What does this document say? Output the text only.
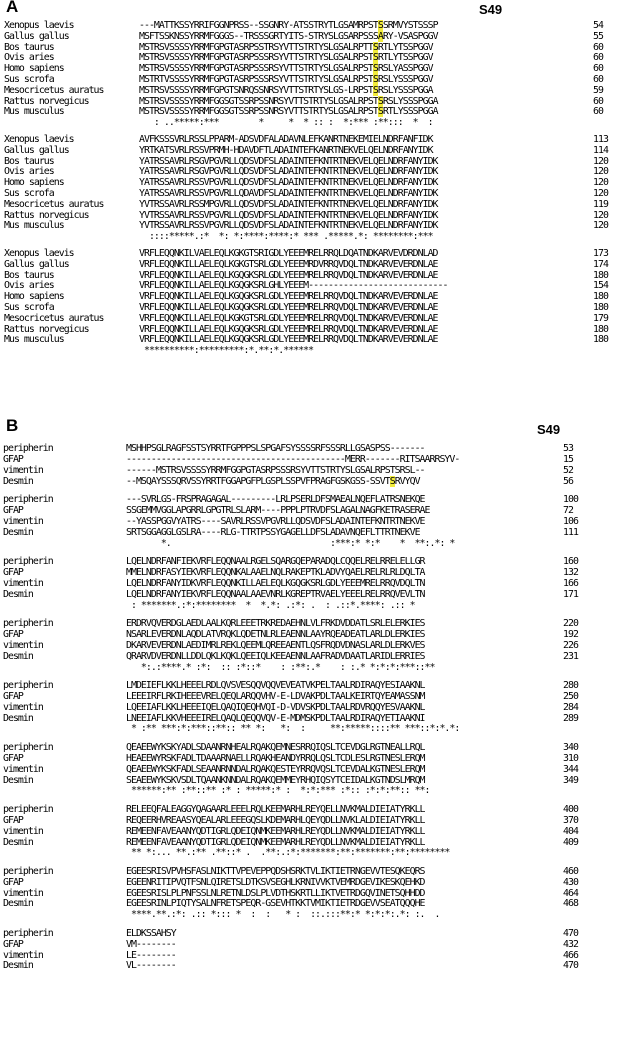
A	S49
Xenopus laevis	---MATTKSSYRRIFGGNPRSS--SSGNRY-ATSSTRYTLGSAMRPSTSSRMVYSTSSSP	54
Gallus gallus	MSFTSSKNSSYRRMFGGGS--TRSSSGRTYITS-STRYSLGSARPSSSARY-VSASPGGV	55
Bos taurus	MSTRSVSSSSYRRMFGPGTASRPSSTRSYVTTSTRTYSLGSALRPTTSRTLYTSSPGGV	60
Ovis aries	MSTRSVSSSSYRRMFGPGTASRPSSSRSYVTTSTRTYSLGSALRPSTSRTLYTSSPGGV	60
Homo sapiens	MSTRSVSSSSYRRMFGPGTASRPSSSRSYVTTSTRTYSLGSALRPSTSRSLYASSPGGV	60
Sus scrofa	MSTRTVSSSSYRRMFGPGTASRPSSSRSYVTTSTRTYSLGSALRPSTSRSLYSSSPGGV	60
Mesocricetus auratus	MSTRSVSSSSYRRMFGPGTSNRQSSNRSYVTTSTRTYSLGS-LRPSTSRSLYSSSPGGA	59
Rattus norvegicus	MSTRSVSSSSYRRMFGGSGTSSRPSSNRSYVTTSTRTYSLGSALRPSTSRSLYSSSPGGA	60
Mus musculus	MSTRSVSSSSYRRMFGGSGTSSRPSSNRSYVTTSTRTYSLGSALRPSTSRTLYSSSPGGA	60
: ..*****:***        *     *  * :: :  *:*** :**:::  *  :
Xenopus laevis	AVFKSSSVRLRSSLPPARM-ADSVDFALADAVNLEFKANRTNEKEMIELNDRFANFIDK	113
Gallus gallus	YRTKATSVRLRSSVPRMH-HDAVDFTLADAINTEFKANRTNEKVELQELNDRFANYIDK	114
Bos taurus	YATRSSAVRLRSGVPGVRLLQDSVDFSLADAINTEFKNTRTNEKVELQELNDRFANYIDK	120
Ovis aries	YATRSSAVRLRSGVPGVRLLQDSVDFSLADAINTEFKNTRTNEKVELQELNDRFANYIDK	120
Homo sapiens	YATRSSAVRLRSSVPGVRLLQDSVDFSLADAINTEFKNTRTNEKVELQELNDRFANYIDK	120
Sus scrofa	YATRSSAVRLRSSVPGVRLLQDAVDFSLADAINTEFKNTRTNEKVELQELNDRFANYIDK	120
Mesocricetus auratus	YVTRSSAVRLRSSMPGVRLLQDSVDFSLADAINTEFKNTRTNEKVELQELNDRFANYIDK	119
Rattus norvegicus	YVTRSSAVRLRSSVPGVRLLQDSVDFSLADAINTEFKNTRTNEKVELQELNDRFANYIDK	120
Mus musculus	YVTRSSAVRLRSSVPGVRLLQDSVDFSLADAINTEFKNTRTNEKVELQELNDRFANYIDK	120
::::*****.:*  *: *:****:****:* *** .*****.*: ********:***
Xenopus laevis	VRFLEQQNKILVAELEQLKGKGTSRIGDLYEEEMRELRRQLDQATNDKARVEVDRDNLAD	173
Gallus gallus	VRFLEQQNKILLAELEQLKGKGTSRLGDLYEEEMRDVRRQVDQLTNDKARVEVERDNLAE	174
Bos taurus	VRFLEQQNKILLAELEQLKGQGKSRLGDLYEEEMRELRRQVDQLTNDKARVEVERDNLAE	180
Ovis aries	VRFLEQQNKILLAELEQLKGQGKSRLGHLYEEEM----------------------------	154
Homo sapiens	VRFLEQQNKILLAELEQLKGQGKSRLGDLYEEEMRELRRQVDQLTNDKARVEVERDNLAE	180
Sus scrofa	VRFLEQQNKILLAELEQLKGQGKSRLGDLYEEEMRELRRQVDQLTNDKARVEVERDNLAE	180
Mesocricetus auratus	VRFLEQQNKILLAELEQLKGKGTSRLGDLYEEEMRELRRQVDQLTNDKARVEVERDNLAE	179
Rattus norvegicus	VRFLEQQNKILLAELEQLKGQGKSRLGDLYEEEMRELRRQVDQLTNDKARVEVERDNLAE	180
Mus musculus	VRFLEQQNKILLAELEQLKGQGKSRLGDLYEEEMRELRRQVDQLTNDKARVEVERDNLAE	180
**********:*********:*.**:*.******
B	S49
peripherin	MSHHPSGLRAGFSSTSYRRTFGPPPSLSPGAFSYSSSSRFSSSRLLGSASPSS-------	53
GFAP	--------------------------------------------MERR-------RITSAARRSYV-	15
vimentin	------MSTRSVSSSSYRRMFGGPGTASRPSSSRSYVTTSTRTYSLGSALRPSTSRSL--	52
Desmin	--MSQAYSSSQRVSSYRRTFGGAPGFPLGSPLSSPVFPRAGFGSKGSS-SSVTSRVYQV	56
peripherin	---SVRLGS-FRSPRAGAGAL---------LRLPSERLDFSMAEALNQEFLATRSNEKQE	100
GFAP	SSGEMMVGGLAPGRRLGPGTRLSLARM----PPPLPTRVDFSLAGALNAGFKETRASERAE	72
vimentin	--YASSPGGVYATRS----SAVRLRSSVPGVRLLQDSVDFSLADAINTEFKNTRTNEKVE	106
Desmin	SRTSGGAGGLGSLRA----RLG-TTRTPSSYGAGELLDFSLADAVNQEFLTTRTNEKVE	111
*.                                :***:* *:*    *  **:.*: *
peripherin	LQELNDRFANFIEKVRFLEQQNAALRGELSQARGQEPARADQLCQQELRELRRELELLGR	160
GFAP	MMELNDRFASYIEKVRFLEQQNKALAAELNQLRAKEPTKLADVYQAELRELRLRLDQLTA	132
vimentin	LQELNDRFANYIDKVRFLEQQNKILLAELEQLKGQGKSRLGDLYEEEMRELRRQVDQLTN	166
Desmin	LQELNDRFANYIEKVRFLEQQNAALAAEVNRLKGREPTRVAELYEEELRELRRQVEVLTN	171
: *******.:*:********  *  *.*: .:*: .  : .::*.****: .:: *
peripherin	ERDRVQVERDGLAEDLAALKQRLEEETRKREDAEHNLVLFRKDVDDATLSRLELERKIES	220
GFAP	NSARLEVERDNLAQDLATVRQKLQDETNLRLEAENNLAAYRQEADEATLARLDLERKIES	192
vimentin	DKARVEVERDNLAEDIMRLREKLQEEMLQREEAENTLQSFRQDVDNASLARLDLERKVES	226
Desmin	QRARVDVERDNLLDDLQKLKQKLQEEIQLKEEAENNLAAFRADVDAATLARIDLERRIES	231
*:.:****.* :*:  :: :*::*    : :**:.*    : :.* *:*:*:***::**
peripherin	LMDEIEFLKKLHEEELRDLQVSVESQQVQQVEVEATVKPELTAALRDIRAQYESIAAKNL	280
GFAP	LEEEIRFLRKIHEEEVRELQEQLARQQVHV-E-LDVAKPDLTAALKEIRTQYEAMASSNM	250
vimentin	LQEEIAFLKKLHEEEIQELQAQIQEQHVQI-D-VDVSKPDLTAALRDVRQQYESVAAKNL	284
Desmin	LNEEIAFLKKVHEEEIRELQAQLQEQQVQV-E-MDMSKPDLTAALRDIRAQYETIAAKNI	289
* :** ***:*:***::**:: ** *:   *:  :     **:*****::::** ***::*:*.*:
peripherin	QEAEEWYKSKYADLSDAANRNHEALRQAKQEMNESRRQIQSLTCEVDGLRGTNEALLRQL	340
GFAP	HEAEEWYRSKFADLTDAAARNAELLRQAKHEANDYRRQLQSLTCDLESLRGTNESLERQM	310
vimentin	QEAEEWYKSKFADLSEAANRNNDALRQAKQESTEYRRQVQSLTCEVDALKGTNESLERQM	344
Desmin	SEAEEWYKSKVSDLTQAANKNNDALRQAKQEMMEYRHQIQSYTCEIDALKGTNDSLMRQM	349
******:** :**::** :* : *****:* :  *:*:*** :*:: :*:*:**:: **:
peripherin	RELEEQFALEAGGYQAGAARLEEELRQLKEEMARHLREYQELLNVKMALDIEIATYRKLL	400
GFAP	REQEERHVREAASYQEALARLEEEGQSLKDEMARHLQEYQDLLNVKLALDIEIATYRKLL	370
vimentin	REMEENFAVEAANYQDTIGRLQDEIQNMKEEMARHLREYQDLLNVKMALDIEIATYRKLL	404
Desmin	REMEENFAVEAANYQDTIGRLQDEIQNMKEEMARHLREYQDLLNVKMALDIEIATYRKLL	409
** *:... **.:** .**::* .  .**:.:*:*******:**:*******:**:********
peripherin	EGEESRISVPVHSFASLNIKTTVPEVEPPQDSHSRKTVLIKTIETRNGEVVTESQKEQRS	460
GFAP	EGEENRITIPVQTFSNLQIRETSLDTKSVSEGHLKRNIVVKTVEMRDGEVIKESKQEHKD	430
vimentin	EGEESRISLPLPNFSSLNLRETNLDSLPLVDTHSKRTLLIKTVETRDGQVINETSQHHDD	464
Desmin	EGEESRINLPIQTYSALNFRETSPEQR-GSEVHTKKTVMIKTIETRDGEVVSEATQQQHE	468
****.**.:*: .:: *::: *  :  :   * :  ::.:::**:* *:*:*:.*: :.  .
peripherin	ELDKSSAHSY	470
GFAP	VM--------	432
vimentin	LE--------	466
Desmin	VL--------	470
